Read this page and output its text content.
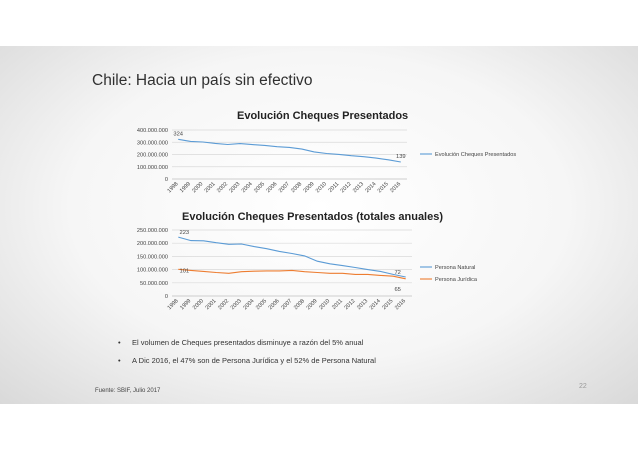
Chile: Hacia un país sin efectivo
Evolución Cheques Presentados
Evolución Cheques Presentados (totales anuales)
0
100.000.000
200.000.000
300.000.000
400.000.000
1998 1999 2000 2001 2002 2003 2004 2005 2006 2007 2008 2009 2010 2011 2012 2013 2014 2015 2016
Evolución Cheques Presentados
324
139
0
50.000.000
100.000.000
150.000.000
200.000.000
250.000.000
1998 1999 2000 2001 2002 2003 2004 2005 2006 2007 2008 2009 2010 2011 2012 2013 2014 2015 2016
Persona Natural
Persona Jurídica
223
72
101
65
•	El volumen de Cheques presentados disminuye a razón del 5% anual
•	A Dic 2016, el 47% son de Persona Jurídica y el 52% de Persona Natural
Fuente: SBIF, Julio 2017
22
